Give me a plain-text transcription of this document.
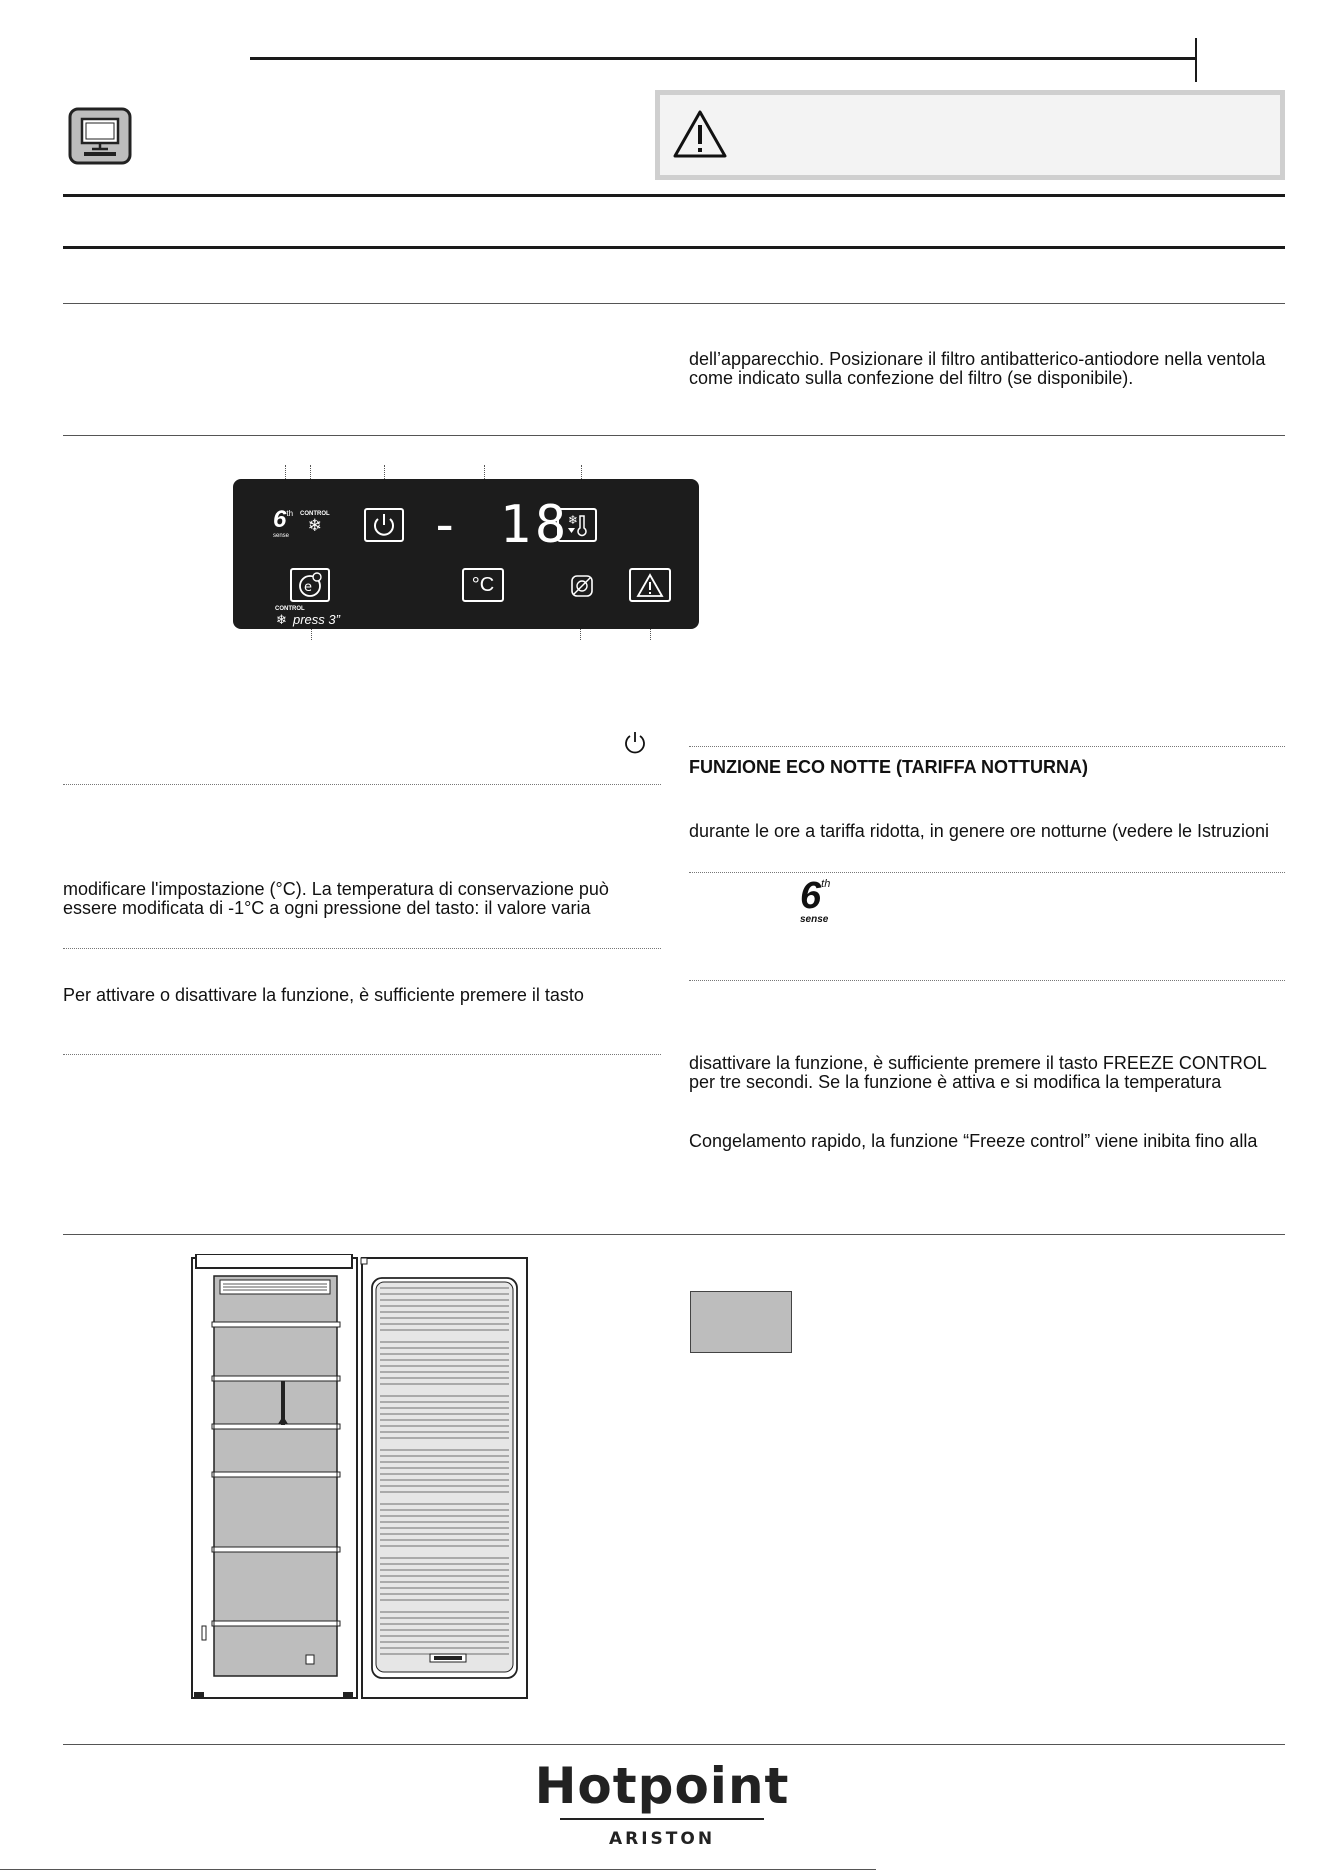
dell’apparecchio. Posizionare il filtro antibatterico-antiodore nella ventola
come indicato sulla confezione del filtro (se disponibile).
6th
sense
CONTROL
❄ - 18
❄
e
CONTROL
❄ press 3”
°C
modificare l'impostazione (°C). La temperatura di conservazione può
essere modificata di -1°C a ogni pressione del tasto: il valore varia
Per attivare o disattivare la funzione, è sufficiente premere il tasto
FUNZIONE ECO NOTTE (TARIFFA NOTTURNA)
durante le ore a tariffa ridotta, in genere ore notturne (vedere le Istruzioni
6th
sense
disattivare la funzione, è sufficiente premere il tasto FREEZE CONTROL
per tre secondi. Se la funzione è attiva e si modifica la temperatura
Congelamento rapido, la funzione “Freeze control” viene inibita fino alla
Hotpoint
ARISTON
